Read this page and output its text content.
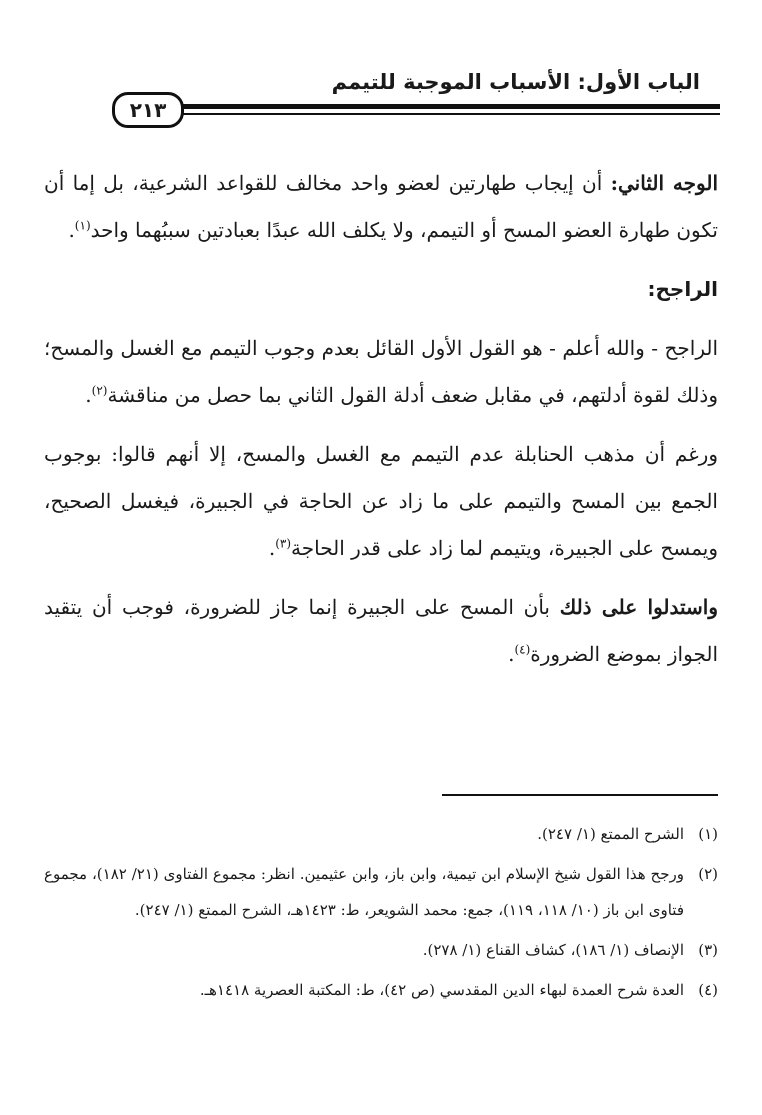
الباب الأول: الأسباب الموجبة للتيمم
٢١٣

الوجه الثاني: أن إيجاب طهارتين لعضو واحد مخالف للقواعد الشرعية، بل إما أن تكون طهارة العضو المسح أو التيمم، ولا يكلف الله عبدًا بعبادتين سببُهما واحد$^{(١)}$.

الراجح:

الراجح - والله أعلم - هو القول الأول القائل بعدم وجوب التيمم مع الغسل والمسح؛ وذلك لقوة أدلتهم، في مقابل ضعف أدلة القول الثاني بما حصل من مناقشة$^{(٢)}$.

ورغم أن مذهب الحنابلة عدم التيمم مع الغسل والمسح، إلا أنهم قالوا: بوجوب الجمع بين المسح والتيمم على ما زاد عن الحاجة في الجبيرة، فيغسل الصحيح، ويمسح على الجبيرة، ويتيمم لما زاد على قدر الحاجة$^{(٣)}$.

واستدلوا على ذلك بأن المسح على الجبيرة إنما جاز للضرورة، فوجب أن يتقيد الجواز بموضع الضرورة$^{(٤)}$.

(١)
الشرح الممتع (١/ ٢٤٧).
(٢)
ورجح هذا القول شيخ الإسلام ابن تيمية، وابن باز، وابن عثيمين. انظر: مجموع الفتاوى (٢١/ ١٨٢)، مجموع فتاوى ابن باز (١٠/ ١١٨، ١١٩)، جمع: محمد الشويعر، ط: ١٤٢٣هـ، الشرح الممتع (١/ ٢٤٧).
(٣)
الإنصاف (١/ ١٨٦)، كشاف القناع (١/ ٢٧٨).
(٤)
العدة شرح العمدة لبهاء الدين المقدسي (ص ٤٢)، ط: المكتبة العصرية ١٤١٨هـ.
